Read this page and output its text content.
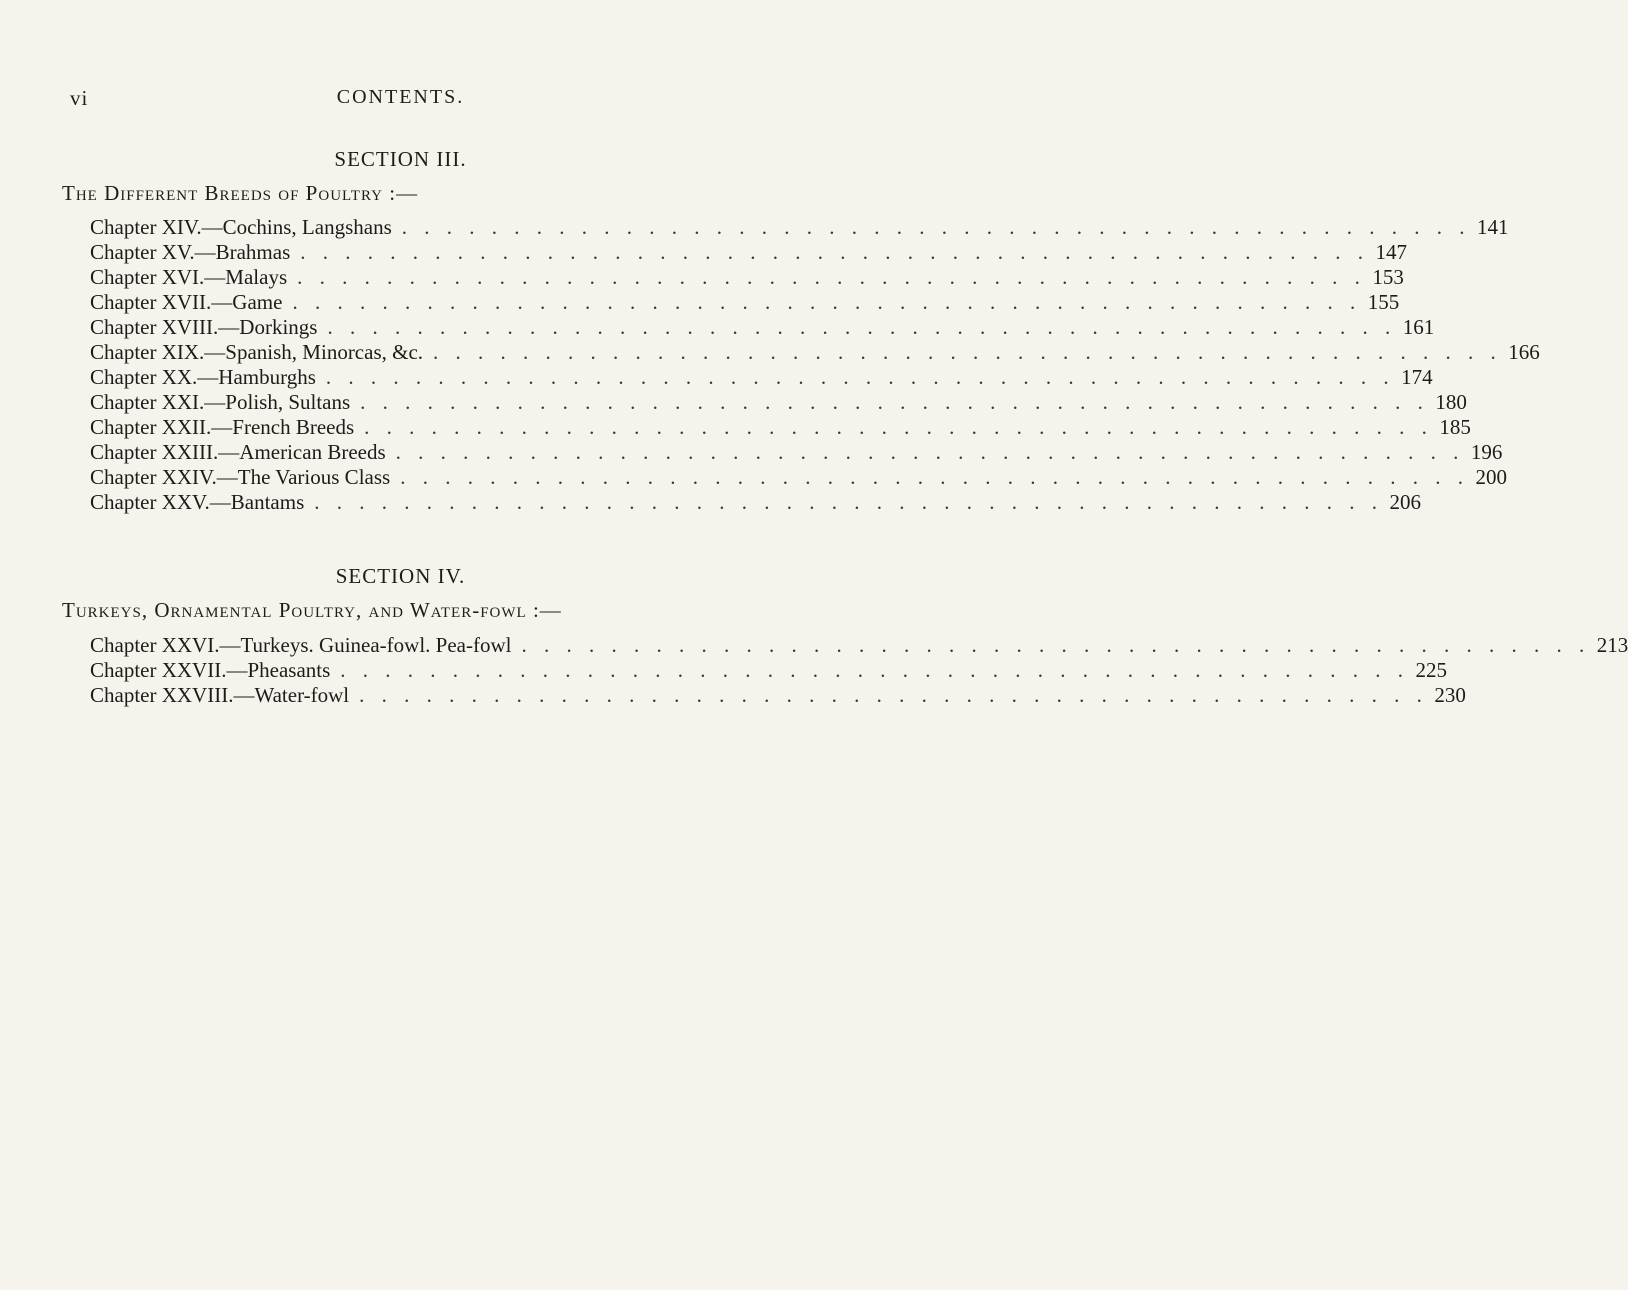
vi	CONTENTS.
SECTION III.
The Different Breeds of Poultry :—
Chapter XIV.—Cochins, Langshans . . . . . . . . . . . . . . . . . . . . . . . . . . . . . . . . . . . . . . . . . . . . . . . . 141
Chapter XV.—Brahmas . . . . . . . . . . . . . . . . . . . . . . . . . . . . . . . . . . . . . . . . . . . . . . . . 147
Chapter XVI.—Malays . . . . . . . . . . . . . . . . . . . . . . . . . . . . . . . . . . . . . . . . . . . . . . . . 153
Chapter XVII.—Game . . . . . . . . . . . . . . . . . . . . . . . . . . . . . . . . . . . . . . . . . . . . . . . . 155
Chapter XVIII.—Dorkings . . . . . . . . . . . . . . . . . . . . . . . . . . . . . . . . . . . . . . . . . . . . . . . . 161
Chapter XIX.—Spanish, Minorcas, &c. . . . . . . . . . . . . . . . . . . . . . . . . . . . . . . . . . . . . . . . . . . . . . . . . 166
Chapter XX.—Hamburghs . . . . . . . . . . . . . . . . . . . . . . . . . . . . . . . . . . . . . . . . . . . . . . . . 174
Chapter XXI.—Polish, Sultans . . . . . . . . . . . . . . . . . . . . . . . . . . . . . . . . . . . . . . . . . . . . . . . . 180
Chapter XXII.—French Breeds . . . . . . . . . . . . . . . . . . . . . . . . . . . . . . . . . . . . . . . . . . . . . . . . 185
Chapter XXIII.—American Breeds . . . . . . . . . . . . . . . . . . . . . . . . . . . . . . . . . . . . . . . . . . . . . . . . 196
Chapter XXIV.—The Various Class . . . . . . . . . . . . . . . . . . . . . . . . . . . . . . . . . . . . . . . . . . . . . . . . 200
Chapter XXV.—Bantams . . . . . . . . . . . . . . . . . . . . . . . . . . . . . . . . . . . . . . . . . . . . . . . . 206
SECTION IV.
Turkeys, Ornamental Poultry, and Water-fowl :—
Chapter XXVI.—Turkeys. Guinea-fowl. Pea-fowl . . . . . . . . . . . . . . . . . . . . . . . . . . . . . . . . . . . . . . . . . . . . . . . . 213
Chapter XXVII.—Pheasants . . . . . . . . . . . . . . . . . . . . . . . . . . . . . . . . . . . . . . . . . . . . . . . . 225
Chapter XXVIII.—Water-fowl . . . . . . . . . . . . . . . . . . . . . . . . . . . . . . . . . . . . . . . . . . . . . . . . 230
